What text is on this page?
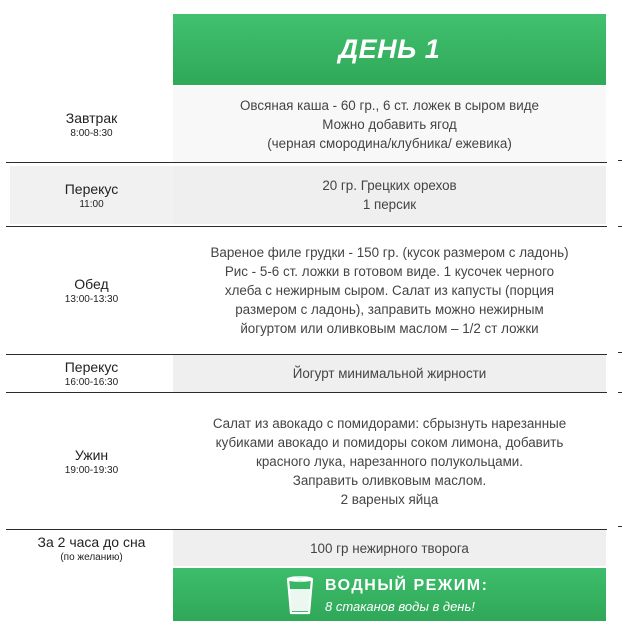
ДЕНЬ 1
Завтрак
8:00-8:30
Овсяная каша - 60 гр., 6 ст. ложек в сыром виде
Можно добавить ягод
(черная смородина/клубника/ ежевика)
Перекус
11:00
20 гр. Грецких орехов
1 персик
Обед
13:00-13:30
Вареное филе грудки - 150 гр. (кусок размером с ладонь)
Рис - 5-6 ст. ложки в готовом виде. 1 кусочек черного
хлеба с нежирным сыром. Салат из капусты (порция
размером с ладонь), заправить можно нежирным
йогуртом или оливковым маслом – 1/2 ст ложки
Перекус
16:00-16:30
Йогурт минимальной жирности
Ужин
19:00-19:30
Салат из авокадо с помидорами: сбрызнуть нарезанные
кубиками авокадо и помидоры соком лимона, добавить
красного лука, нарезанного полукольцами.
Заправить оливковым маслом.
2 вареных яйца
За 2 часа до сна
(по желанию)
100 гр нежирного творога
ВОДНЫЙ РЕЖИМ:
8 стаканов воды в день!
